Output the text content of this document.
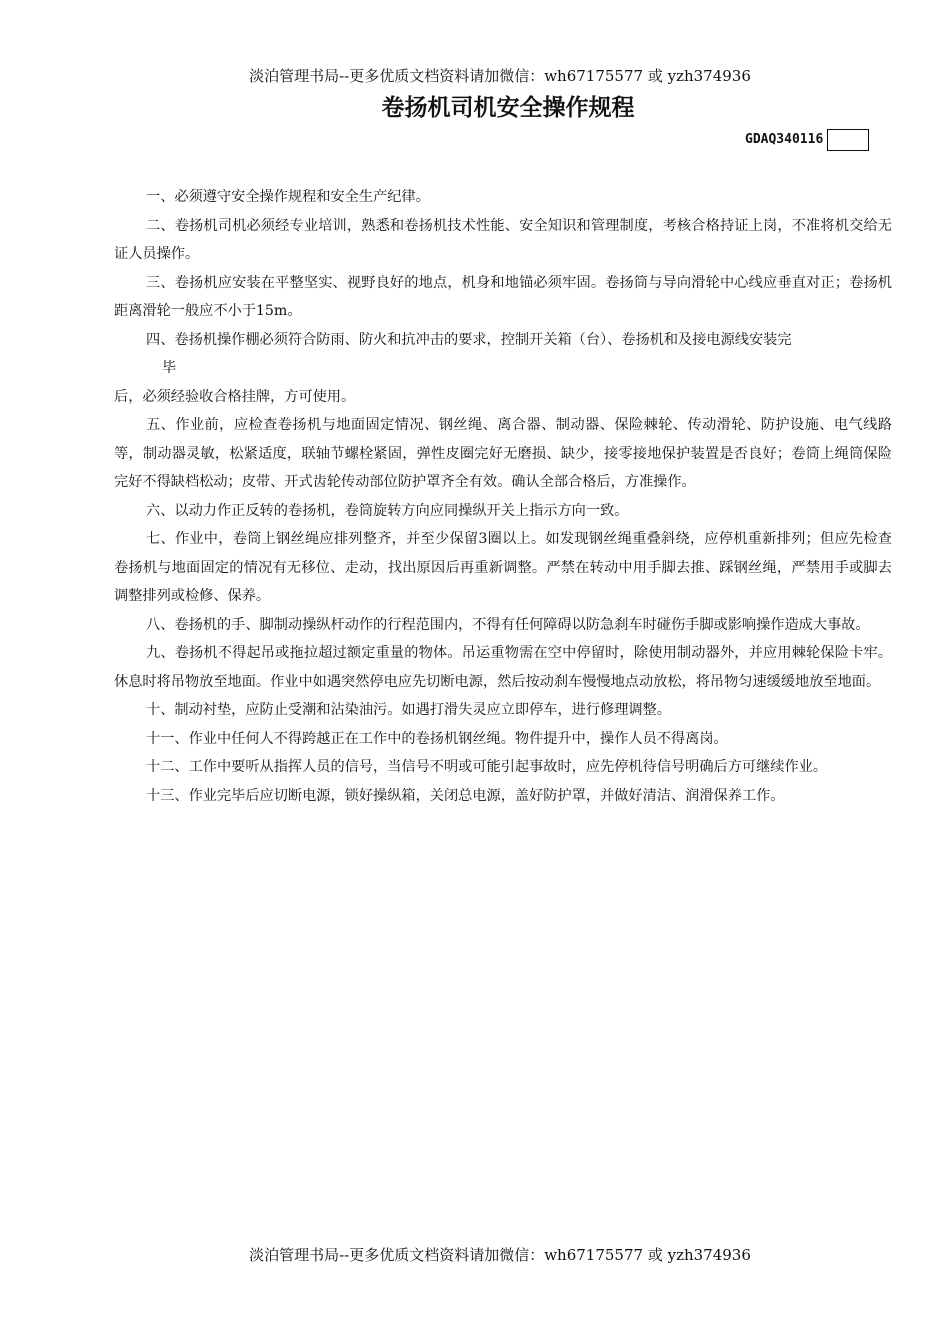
淡泊管理书局--更多优质文档资料请加微信：wh67175577 或 yzh374936
卷扬机司机安全操作规程
GDAQ340116

一、必须遵守安全操作规程和安全生产纪律。

二、卷扬机司机必须经专业培训，熟悉和卷扬机技术性能、安全知识和管理制度，考核合格持证上岗，不准将机交给无证人员操作。

三、卷扬机应安装在平整坚实、视野良好的地点，机身和地锚必须牢固。卷扬筒与导向滑轮中心线应垂直对正；卷扬机距离滑轮一般应不小于15m。

四、卷扬机操作棚必须符合防雨、防火和抗冲击的要求，控制开关箱（台）、卷扬机和及接电源线安装完
毕

后，必须经验收合格挂牌，方可使用。

五、作业前，应检查卷扬机与地面固定情况、钢丝绳、离合器、制动器、保险棘轮、传动滑轮、防护设施、电气线路等，制动器灵敏，松紧适度，联轴节螺栓紧固，弹性皮圈完好无磨损、缺少，接零接地保护装置是否良好；卷筒上绳筒保险完好不得缺档松动；皮带、开式齿轮传动部位防护罩齐全有效。确认全部合格后，方准操作。

六、以动力作正反转的卷扬机，卷筒旋转方向应同操纵开关上指示方向一致。

七、作业中，卷筒上钢丝绳应排列整齐，并至少保留3圈以上。如发现钢丝绳重叠斜绕，应停机重新排列；但应先检查卷扬机与地面固定的情况有无移位、走动，找出原因后再重新调整。严禁在转动中用手脚去推、踩钢丝绳，严禁用手或脚去调整排列或检修、保养。

八、卷扬机的手、脚制动操纵杆动作的行程范围内，不得有任何障碍以防急刹车时碰伤手脚或影响操作造成大事故。

九、卷扬机不得起吊或拖拉超过额定重量的物体。吊运重物需在空中停留时，除使用制动器外，并应用棘轮保险卡牢。休息时将吊物放至地面。作业中如遇突然停电应先切断电源，然后按动刹车慢慢地点动放松，将吊物匀速缓缓地放至地面。

十、制动衬垫，应防止受潮和沾染油污。如遇打滑失灵应立即停车，进行修理调整。

十一、作业中任何人不得跨越正在工作中的卷扬机钢丝绳。物件提升中，操作人员不得离岗。

十二、工作中要听从指挥人员的信号，当信号不明或可能引起事故时，应先停机待信号明确后方可继续作业。

十三、作业完毕后应切断电源，锁好操纵箱，关闭总电源，盖好防护罩，并做好清洁、润滑保养工作。

淡泊管理书局--更多优质文档资料请加微信：wh67175577 或 yzh374936
